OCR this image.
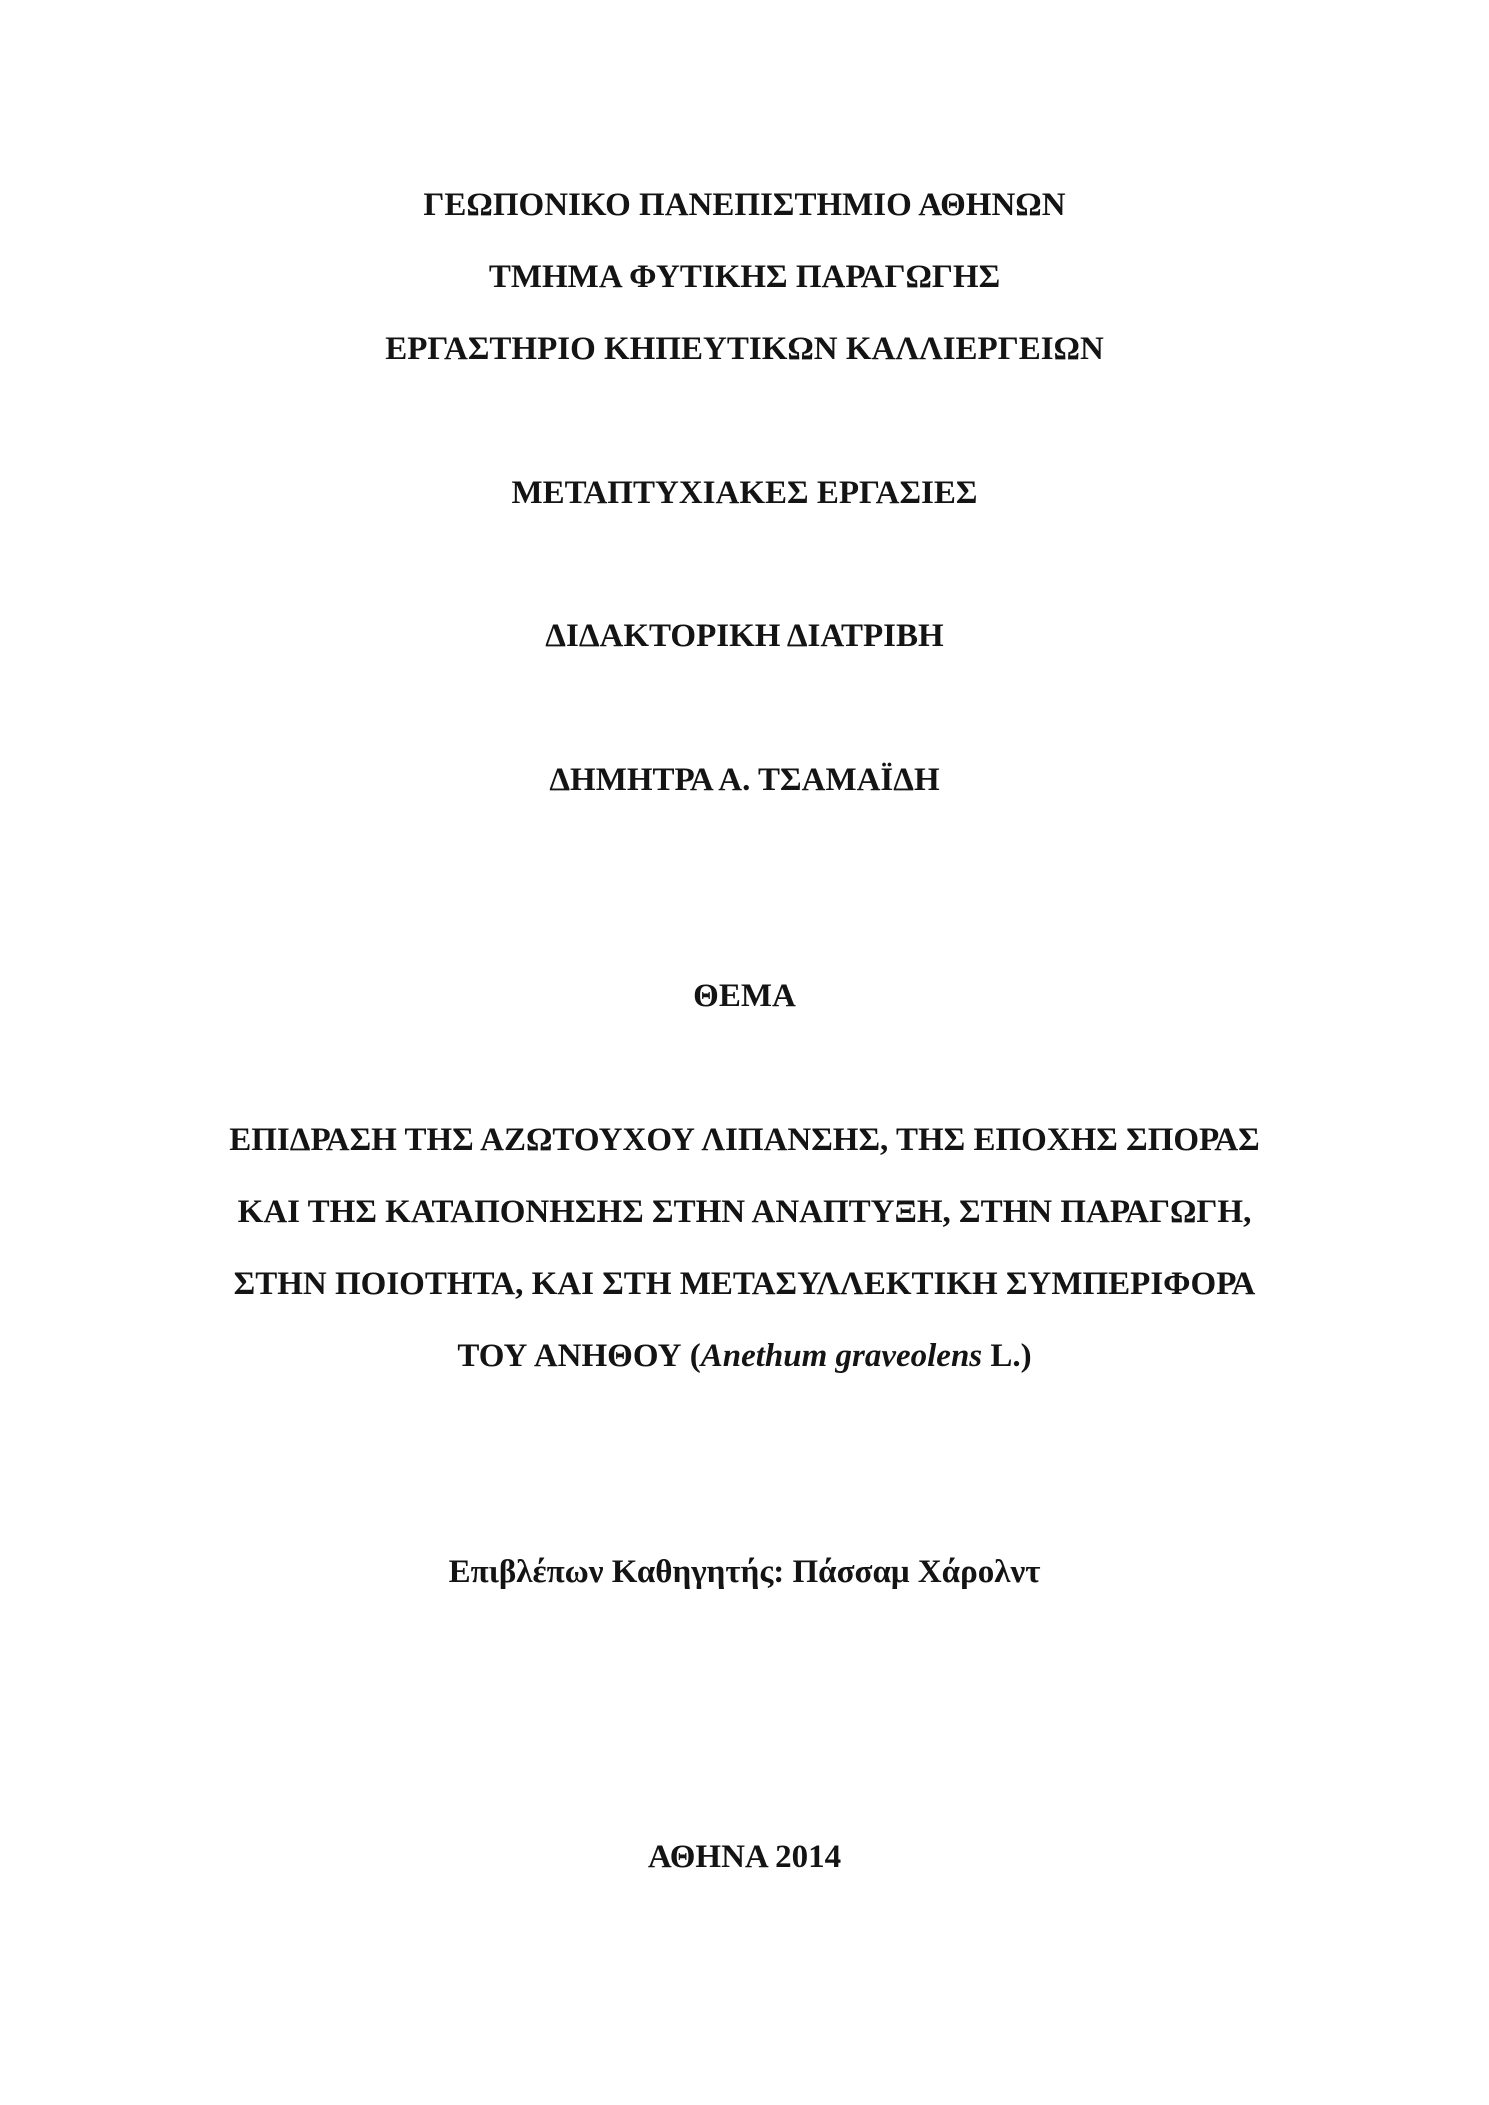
ΓΕΩΠΟΝΙΚΟ ΠΑΝΕΠΙΣΤΗΜΙΟ ΑΘΗΝΩΝ
ΤΜΗΜΑ ΦΥΤΙΚΗΣ ΠΑΡΑΓΩΓΗΣ
ΕΡΓΑΣΤΗΡΙΟ ΚΗΠΕΥΤΙΚΩΝ ΚΑΛΛΙΕΡΓΕΙΩΝ
ΜΕΤΑΠΤΥΧΙΑΚΕΣ ΕΡΓΑΣΙΕΣ
ΔΙΔΑΚΤΟΡΙΚΗ ΔΙΑΤΡΙΒΗ
ΔΗΜΗΤΡΑ Α. ΤΣΑΜΑΪΔΗ
ΘΕΜΑ
ΕΠΙΔΡΑΣΗ ΤΗΣ ΑΖΩΤΟΥΧΟΥ ΛΙΠΑΝΣΗΣ, ΤΗΣ ΕΠΟΧΗΣ ΣΠΟΡΑΣ
ΚΑΙ ΤΗΣ ΚΑΤΑΠΟΝΗΣΗΣ ΣΤΗΝ ΑΝΑΠΤΥΞΗ, ΣΤΗΝ ΠΑΡΑΓΩΓΗ,
ΣΤΗΝ ΠΟΙΟΤΗΤΑ, ΚΑΙ ΣΤΗ ΜΕΤΑΣΥΛΛΕΚΤΙΚΗ ΣΥΜΠΕΡΙΦΟΡΑ
ΤΟΥ ΑΝΗΘΟΥ (Anethum graveolens L.)
Επιβλέπων Καθηγητής: Πάσσαμ Χάρολντ
ΑΘΗΝΑ 2014
